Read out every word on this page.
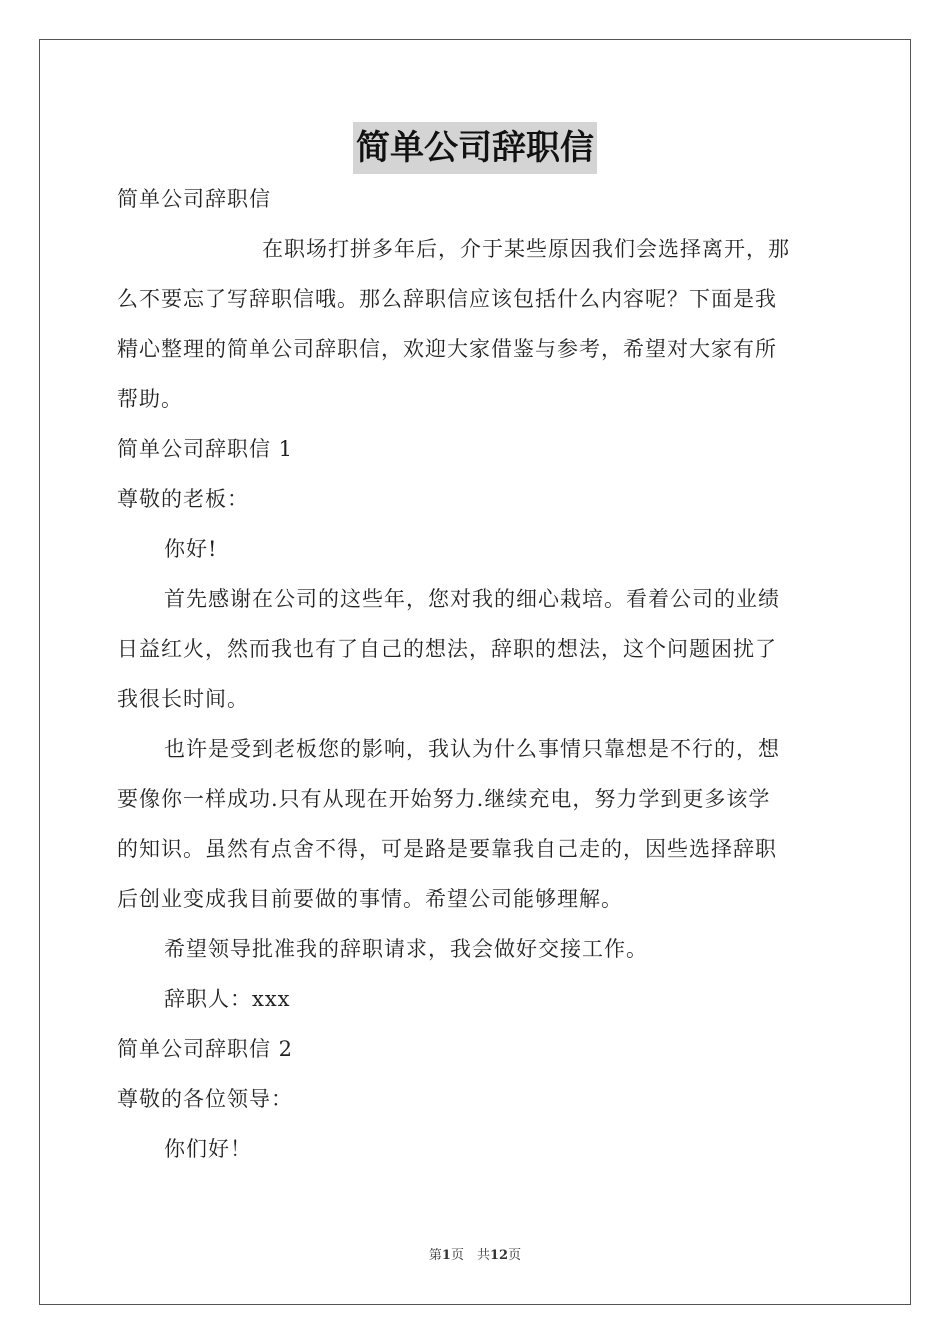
简单公司辞职信
简单公司辞职信
在职场打拼多年后，介于某些原因我们会选择离开，那
么不要忘了写辞职信哦。那么辞职信应该包括什么内容呢？下面是我
精心整理的简单公司辞职信，欢迎大家借鉴与参考，希望对大家有所
帮助。
简单公司辞职信 1
尊敬的老板：
你好!
首先感谢在公司的这些年，您对我的细心栽培。看着公司的业绩
日益红火，然而我也有了自己的想法，辞职的想法，这个问题困扰了
我很长时间。
也许是受到老板您的影响，我认为什么事情只靠想是不行的，想
要像你一样成功.只有从现在开始努力.继续充电，努力学到更多该学
的知识。虽然有点舍不得，可是路是要靠我自己走的，因些选择辞职
后创业变成我目前要做的事情。希望公司能够理解。
希望领导批准我的辞职请求，我会做好交接工作。
辞职人：xxx
简单公司辞职信 2
尊敬的各位领导：
你们好！
第1页　共12页
